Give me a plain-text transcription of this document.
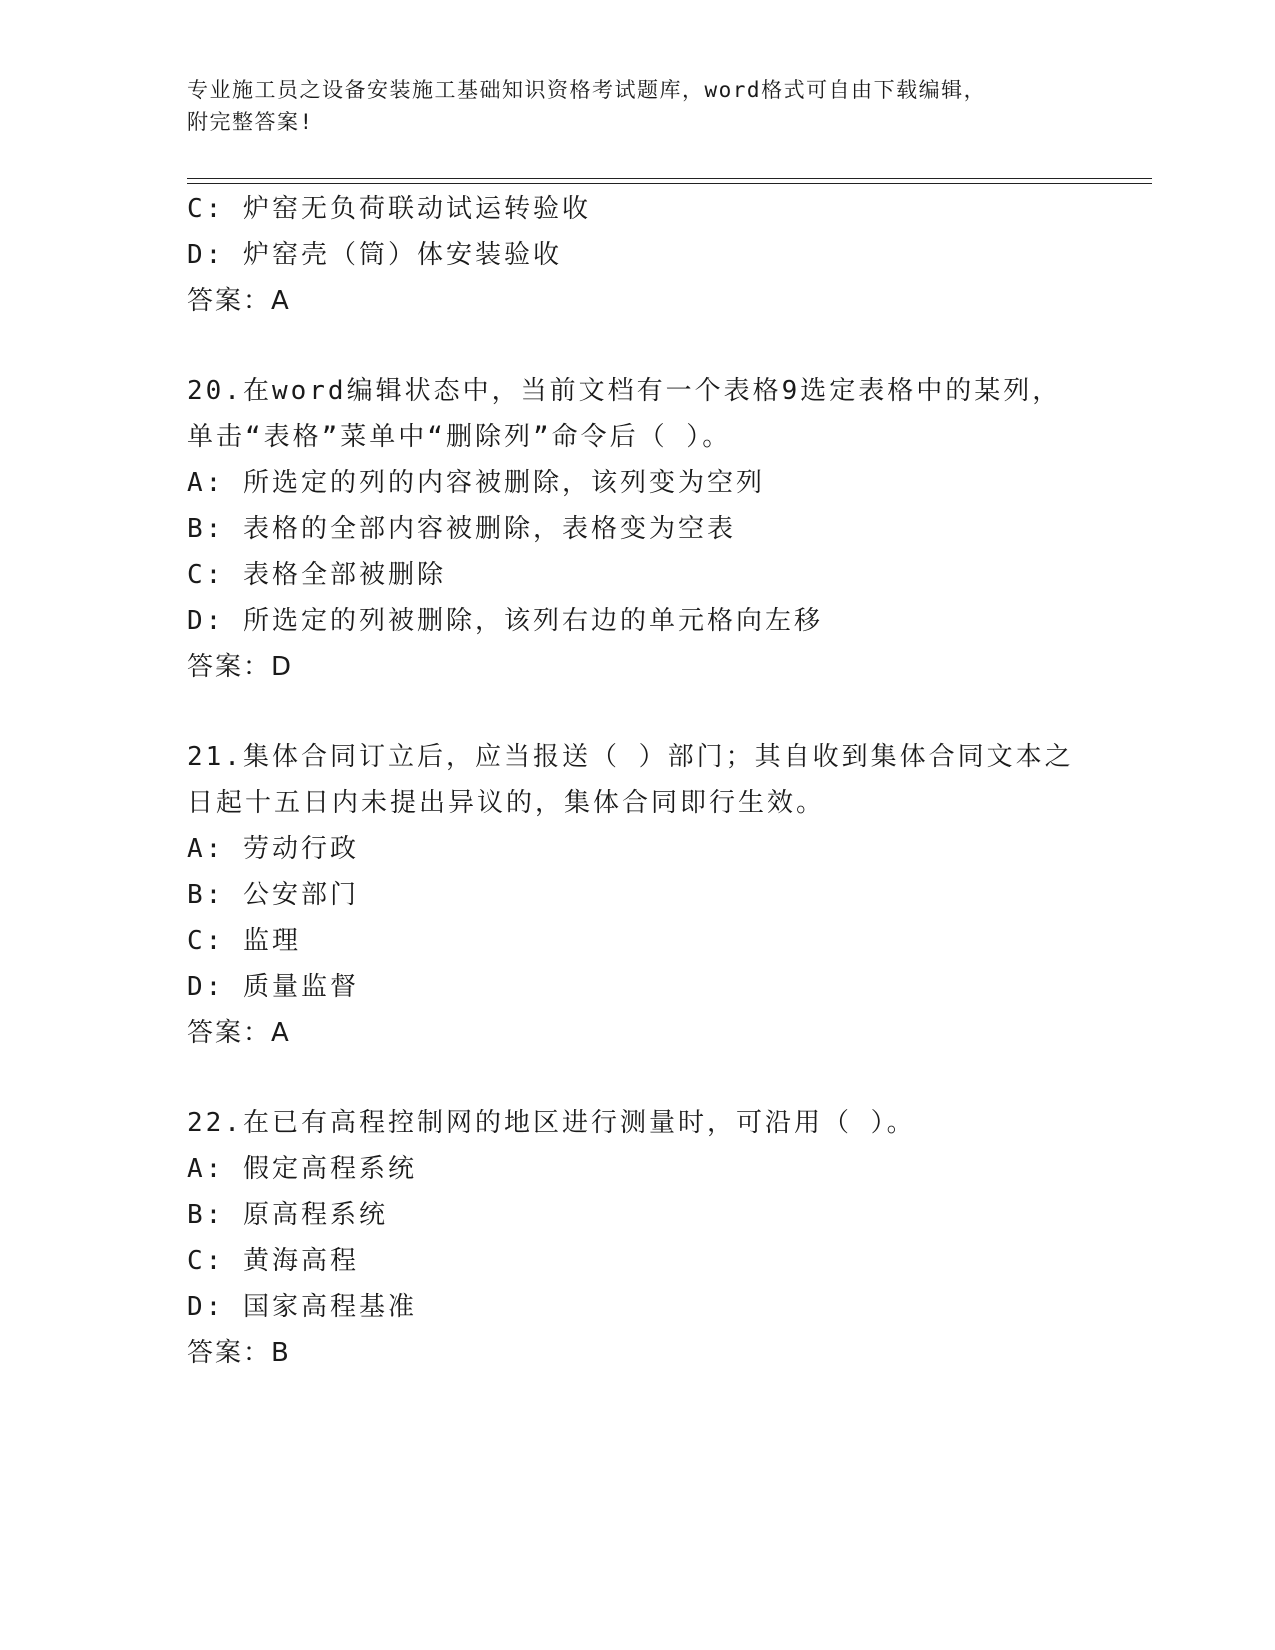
专业施工员之设备安装施工基础知识资格考试题库，word格式可自由下载编辑，
附完整答案!
C: 炉窑无负荷联动试运转验收
D: 炉窑壳（筒）体安装验收
答案：A
20.在word编辑状态中，当前文档有一个表格9选定表格中的某列，
单击“表格”菜单中“删除列”命令后（ ）。
A: 所选定的列的内容被删除，该列变为空列
B: 表格的全部内容被删除，表格变为空表
C: 表格全部被删除
D: 所选定的列被删除，该列右边的单元格向左移
答案：D
21.集体合同订立后，应当报送（ ）部门；其自收到集体合同文本之
日起十五日内未提出异议的，集体合同即行生效。
A: 劳动行政
B: 公安部门
C: 监理
D: 质量监督
答案：A
22.在已有高程控制网的地区进行测量时，可沿用（ ）。
A: 假定高程系统
B: 原高程系统
C: 黄海高程
D: 国家高程基准
答案：B
